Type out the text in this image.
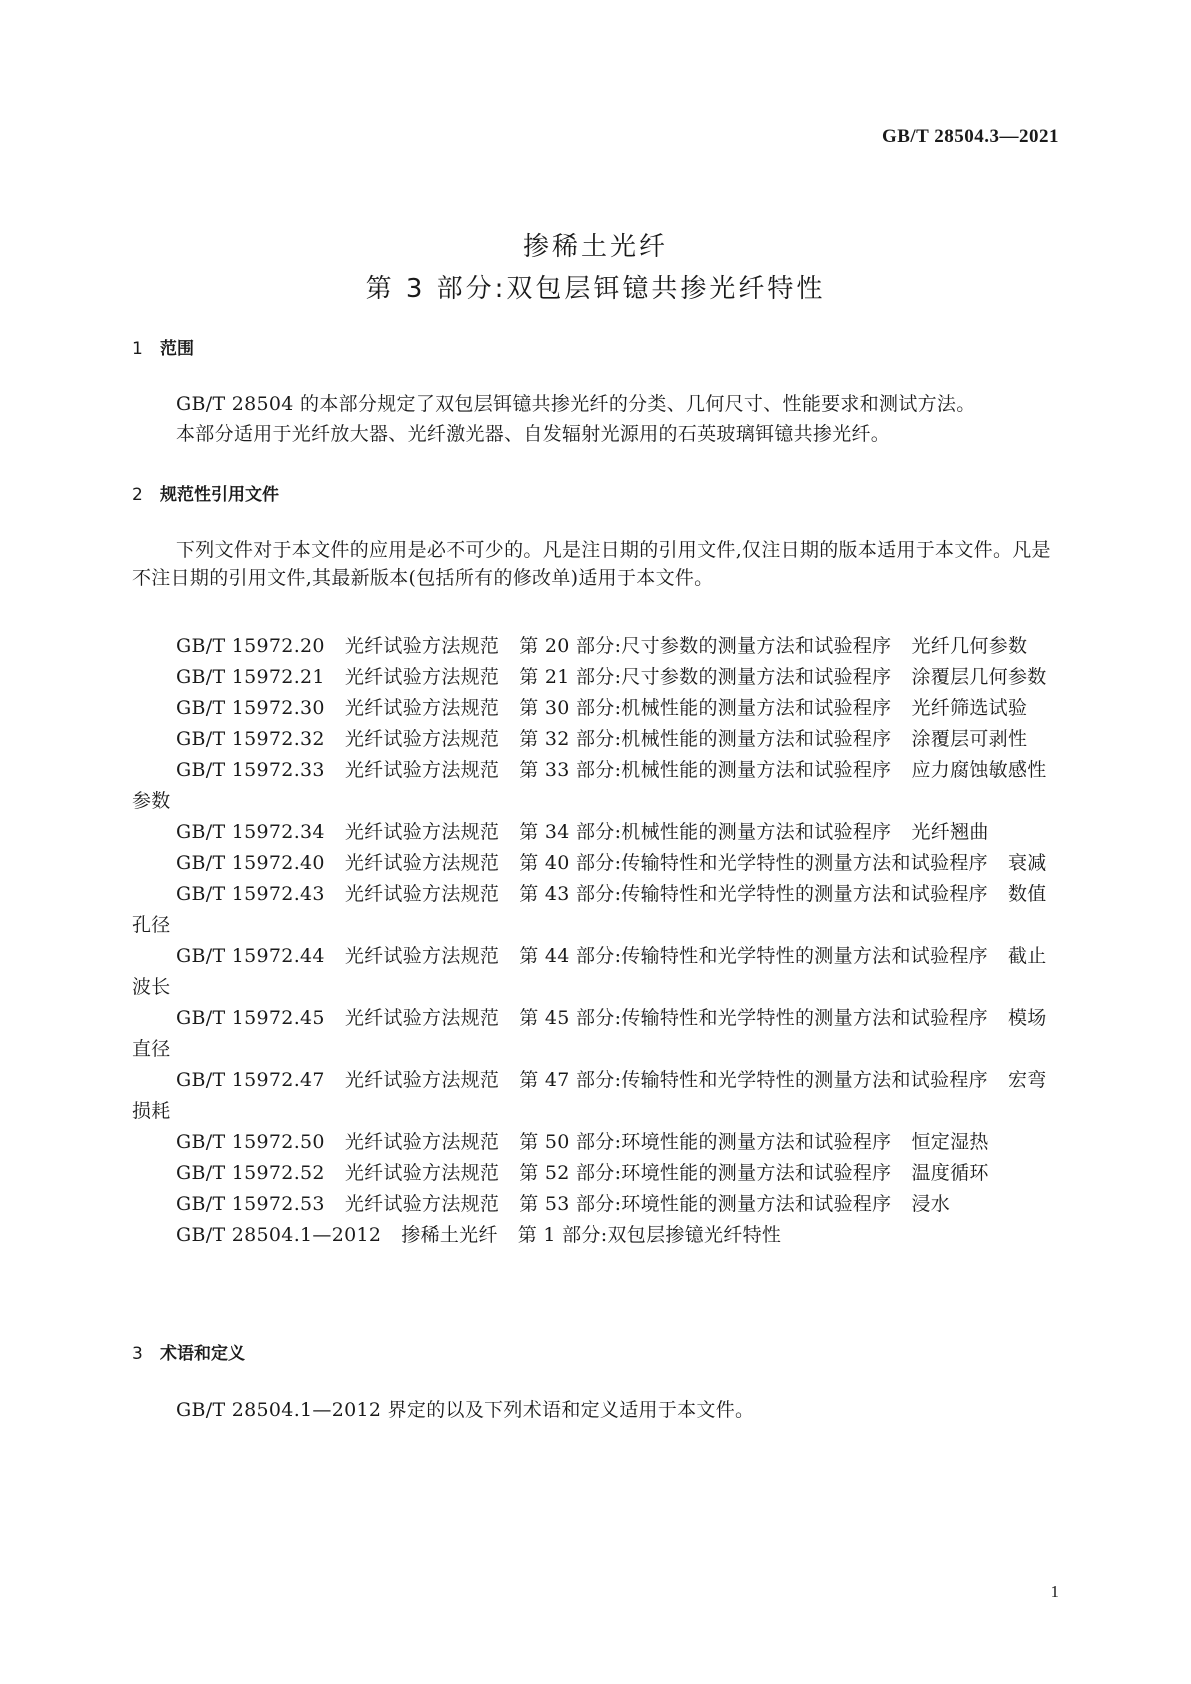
GB/T 28504.3—2021
掺稀土光纤
第 3 部分:双包层铒镱共掺光纤特性
1 范围
GB/T 28504 的本部分规定了双包层铒镱共掺光纤的分类、几何尺寸、性能要求和测试方法。
本部分适用于光纤放大器、光纤激光器、自发辐射光源用的石英玻璃铒镱共掺光纤。
2 规范性引用文件
下列文件对于本文件的应用是必不可少的。凡是注日期的引用文件,仅注日期的版本适用于本文件。凡是不注日期的引用文件,其最新版本(包括所有的修改单)适用于本文件。
GB/T 15972.20 光纤试验方法规范 第 20 部分:尺寸参数的测量方法和试验程序 光纤几何参数
GB/T 15972.21 光纤试验方法规范 第 21 部分:尺寸参数的测量方法和试验程序 涂覆层几何参数
GB/T 15972.30 光纤试验方法规范 第 30 部分:机械性能的测量方法和试验程序 光纤筛选试验
GB/T 15972.32 光纤试验方法规范 第 32 部分:机械性能的测量方法和试验程序 涂覆层可剥性
GB/T 15972.33 光纤试验方法规范 第 33 部分:机械性能的测量方法和试验程序 应力腐蚀敏感性参数
GB/T 15972.34 光纤试验方法规范 第 34 部分:机械性能的测量方法和试验程序 光纤翘曲
GB/T 15972.40 光纤试验方法规范 第 40 部分:传输特性和光学特性的测量方法和试验程序 衰减
GB/T 15972.43 光纤试验方法规范 第 43 部分:传输特性和光学特性的测量方法和试验程序 数值孔径
GB/T 15972.44 光纤试验方法规范 第 44 部分:传输特性和光学特性的测量方法和试验程序 截止波长
GB/T 15972.45 光纤试验方法规范 第 45 部分:传输特性和光学特性的测量方法和试验程序 模场直径
GB/T 15972.47 光纤试验方法规范 第 47 部分:传输特性和光学特性的测量方法和试验程序 宏弯损耗
GB/T 15972.50 光纤试验方法规范 第 50 部分:环境性能的测量方法和试验程序 恒定湿热
GB/T 15972.52 光纤试验方法规范 第 52 部分:环境性能的测量方法和试验程序 温度循环
GB/T 15972.53 光纤试验方法规范 第 53 部分:环境性能的测量方法和试验程序 浸水
GB/T 28504.1—2012 掺稀土光纤 第 1 部分:双包层掺镱光纤特性
3 术语和定义
GB/T 28504.1—2012 界定的以及下列术语和定义适用于本文件。
1
